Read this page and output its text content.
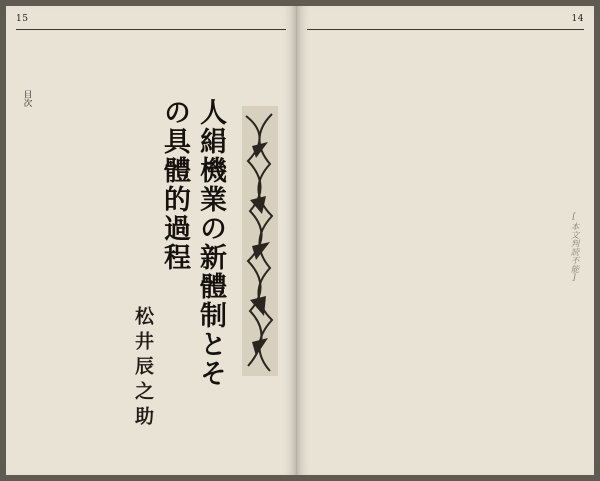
15
人絹機業の新體制とその具體的過程
松井辰之助
目次
14
[本文判読不能]
